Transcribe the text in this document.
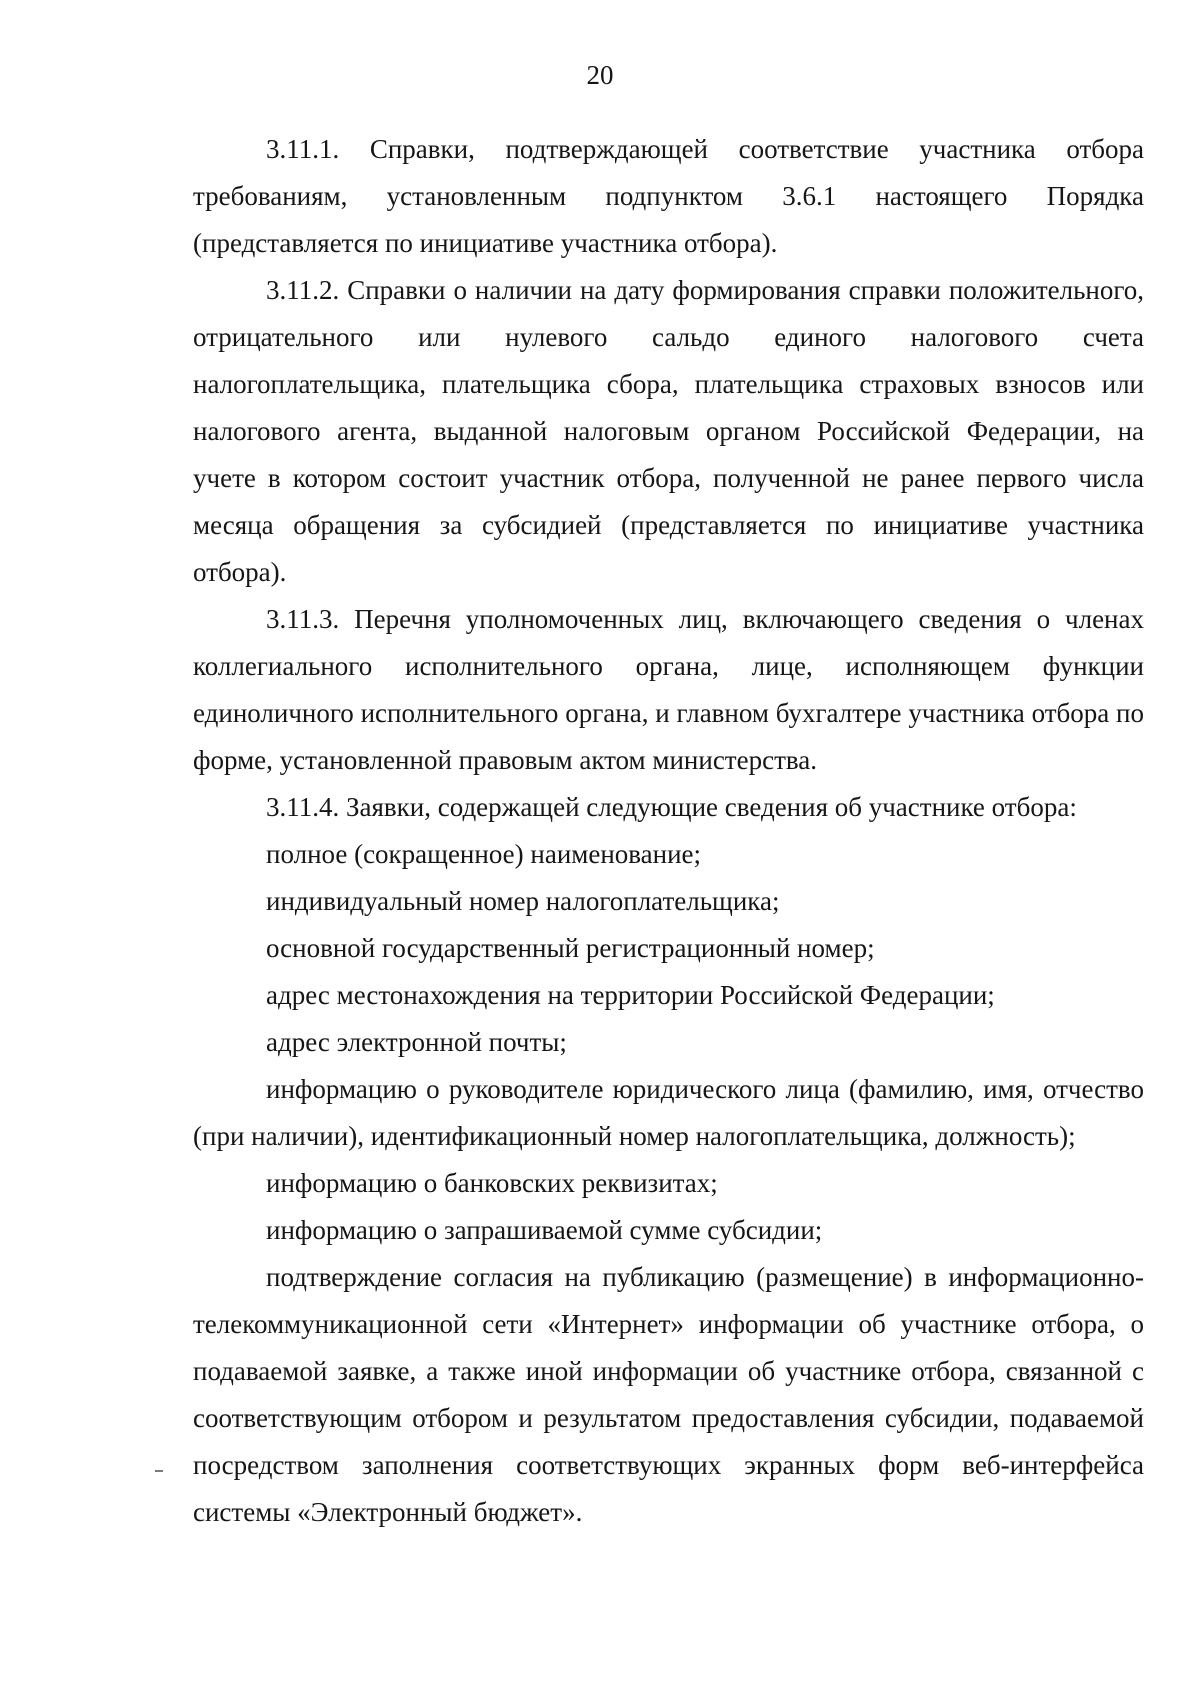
20

3.11.1. Справки, подтверждающей соответствие участника отбора требованиям, установленным подпунктом 3.6.1 настоящего Порядка (представляется по инициативе участника отбора).

3.11.2. Справки о наличии на дату формирования справки положительного, отрицательного или нулевого сальдо единого налогового счета налогоплательщика, плательщика сбора, плательщика страховых взносов или налогового агента, выданной налоговым органом Российской Федерации, на учете в котором состоит участник отбора, полученной не ранее первого числа месяца обращения за субсидией (представляется по инициативе участника отбора).

3.11.3. Перечня уполномоченных лиц, включающего сведения о членах коллегиального исполнительного органа, лице, исполняющем функции единоличного исполнительного органа, и главном бухгалтере участника отбора по форме, установленной правовым актом министерства.

3.11.4. Заявки, содержащей следующие сведения об участнике отбора:

полное (сокращенное) наименование;

индивидуальный номер налогоплательщика;

основной государственный регистрационный номер;

адрес местонахождения на территории Российской Федерации;

адрес электронной почты;

информацию о руководителе юридического лица (фамилию, имя, отчество (при наличии), идентификационный номер налогоплательщика, должность);

информацию о банковских реквизитах;

информацию о запрашиваемой сумме субсидии;

подтверждение согласия на публикацию (размещение) в информационно-телекоммуникационной сети «Интернет» информации об участнике отбора, о подаваемой заявке, а также иной информации об участнике отбора, связанной с соответствующим отбором и результатом предоставления субсидии, подаваемой посредством заполнения соответствующих экранных форм веб-интерфейса системы «Электронный бюджет».
